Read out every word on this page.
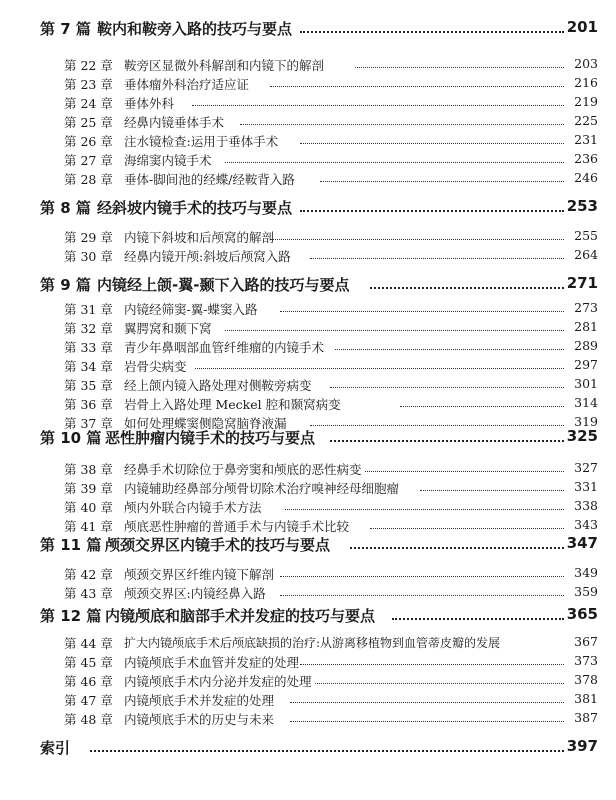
第 7 篇 鞍内和鞍旁入路的技巧与要点	201
第 22 章 鞍旁区显微外科解剖和内镜下的解剖	203
第 23 章 垂体瘤外科治疗适应证	216
第 24 章 垂体外科	219
第 25 章 经鼻内镜垂体手术	225
第 26 章 注水镜检查:运用于垂体手术	231
第 27 章 海绵窦内镜手术	236
第 28 章 垂体-脚间池的经蝶/经鞍背入路	246
第 8 篇 经斜坡内镜手术的技巧与要点	253
第 29 章 内镜下斜坡和后颅窝的解剖	255
第 30 章 经鼻内镜开颅:斜坡后颅窝入路	264
第 9 篇 内镜经上颌-翼-颞下入路的技巧与要点	271
第 31 章 内镜经筛窦-翼-蝶窦入路	273
第 32 章 翼腭窝和颞下窝	281
第 33 章 青少年鼻咽部血管纤维瘤的内镜手术	289
第 34 章 岩骨尖病变	297
第 35 章 经上颌内镜入路处理对侧鞍旁病变	301
第 36 章 岩骨上入路处理 Meckel 腔和颞窝病变	314
第 37 章 如何处理蝶窦侧隐窝脑脊液漏	319
第 10 篇 恶性肿瘤内镜手术的技巧与要点	325
第 38 章 经鼻手术切除位于鼻旁窦和颅底的恶性病变	327
第 39 章 内镜辅助经鼻部分颅骨切除术治疗嗅神经母细胞瘤	331
第 40 章 颅内外联合内镜手术方法	338
第 41 章 颅底恶性肿瘤的普通手术与内镜手术比较	343
第 11 篇 颅颈交界区内镜手术的技巧与要点	347
第 42 章 颅颈交界区纤维内镜下解剖	349
第 43 章 颅颈交界区:内镜经鼻入路	359
第 12 篇 内镜颅底和脑部手术并发症的技巧与要点	365
第 44 章 扩大内镜颅底手术后颅底缺损的治疗:从游离移植物到血管蒂皮瓣的发展	367
第 45 章 内镜颅底手术血管并发症的处理	373
第 46 章 内镜颅底手术内分泌并发症的处理	378
第 47 章 内镜颅底手术并发症的处理	381
第 48 章 内镜颅底手术的历史与未来	387
索引	397
